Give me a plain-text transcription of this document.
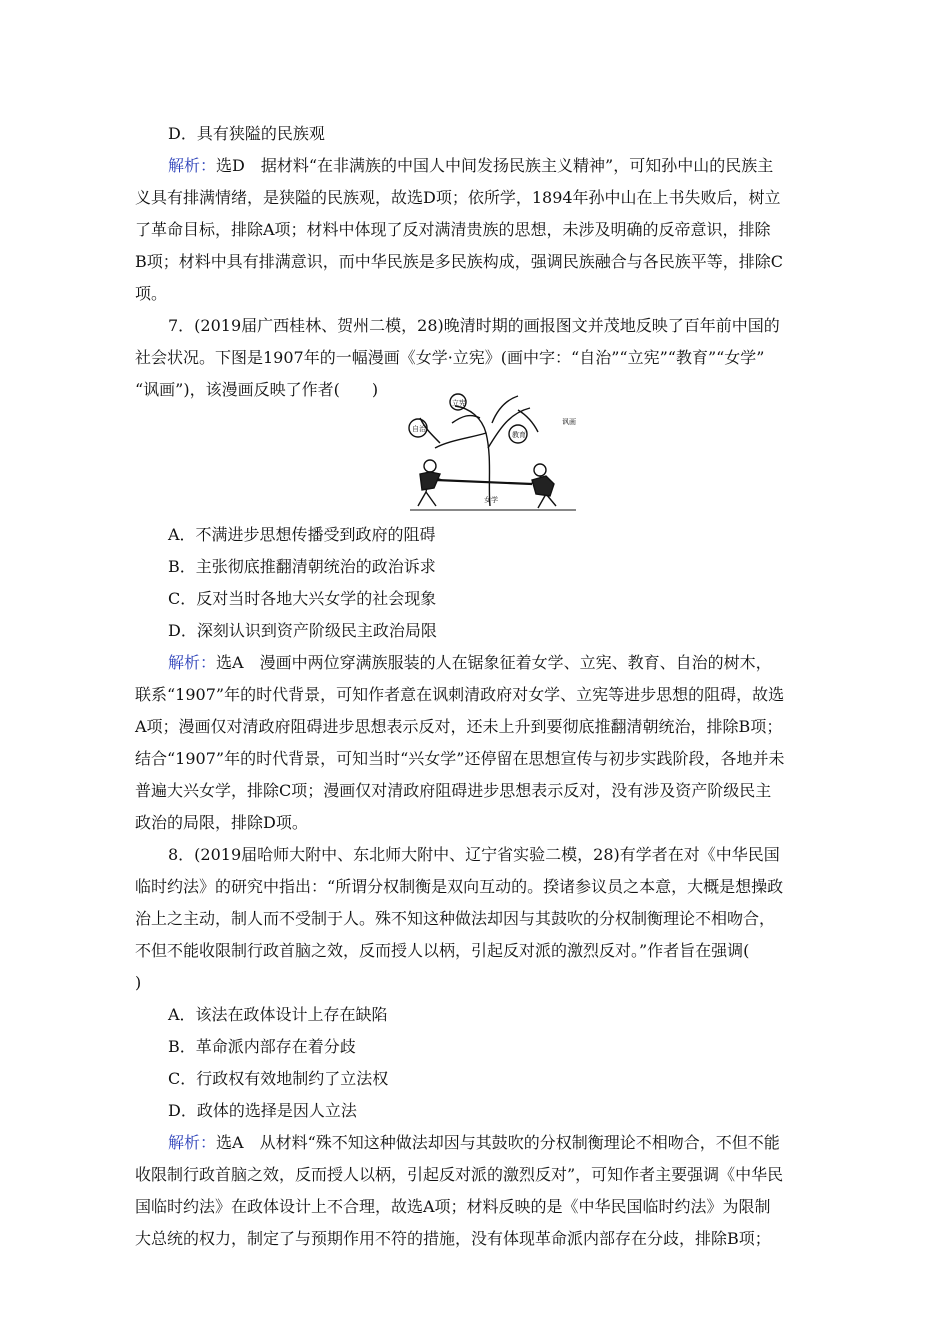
D．具有狭隘的民族观
解析：选D　据材料“在非满族的中国人中间发扬民族主义精神”，可知孙中山的民族主
义具有排满情绪，是狭隘的民族观，故选D项；依所学，1894年孙中山在上书失败后，树立
了革命目标，排除A项；材料中体现了反对满清贵族的思想，未涉及明确的反帝意识，排除
B项；材料中具有排满意识，而中华民族是多民族构成，强调民族融合与各民族平等，排除C
项。
7．(2019届广西桂林、贺州二模，28)晚清时期的画报图文并茂地反映了百年前中国的
社会状况。下图是1907年的一幅漫画《女学·立宪》(画中字：“自治”“立宪”“教育”“女学”
“讽画”)，该漫画反映了作者(　　)
自治
立宪
教育
女学
讽画
A．不满进步思想传播受到政府的阻碍
B．主张彻底推翻清朝统治的政治诉求
C．反对当时各地大兴女学的社会现象
D．深刻认识到资产阶级民主政治局限
解析：选A　漫画中两位穿满族服装的人在锯象征着女学、立宪、教育、自治的树木，
联系“1907”年的时代背景，可知作者意在讽刺清政府对女学、立宪等进步思想的阻碍，故选
A项；漫画仅对清政府阻碍进步思想表示反对，还未上升到要彻底推翻清朝统治，排除B项；
结合“1907”年的时代背景，可知当时“兴女学”还停留在思想宣传与初步实践阶段，各地并未
普遍大兴女学，排除C项；漫画仅对清政府阻碍进步思想表示反对，没有涉及资产阶级民主
政治的局限，排除D项。
8．(2019届哈师大附中、东北师大附中、辽宁省实验二模，28)有学者在对《中华民国
临时约法》的研究中指出：“所谓分权制衡是双向互动的。揆诸参议员之本意，大概是想操政
治上之主动，制人而不受制于人。殊不知这种做法却因与其鼓吹的分权制衡理论不相吻合，
不但不能收限制行政首脑之效，反而授人以柄，引起反对派的激烈反对。”作者旨在强调(
)
A．该法在政体设计上存在缺陷
B．革命派内部存在着分歧
C．行政权有效地制约了立法权
D．政体的选择是因人立法
解析：选A　从材料“殊不知这种做法却因与其鼓吹的分权制衡理论不相吻合，不但不能
收限制行政首脑之效，反而授人以柄，引起反对派的激烈反对”，可知作者主要强调《中华民
国临时约法》在政体设计上不合理，故选A项；材料反映的是《中华民国临时约法》为限制
大总统的权力，制定了与预期作用不符的措施，没有体现革命派内部存在分歧，排除B项；
